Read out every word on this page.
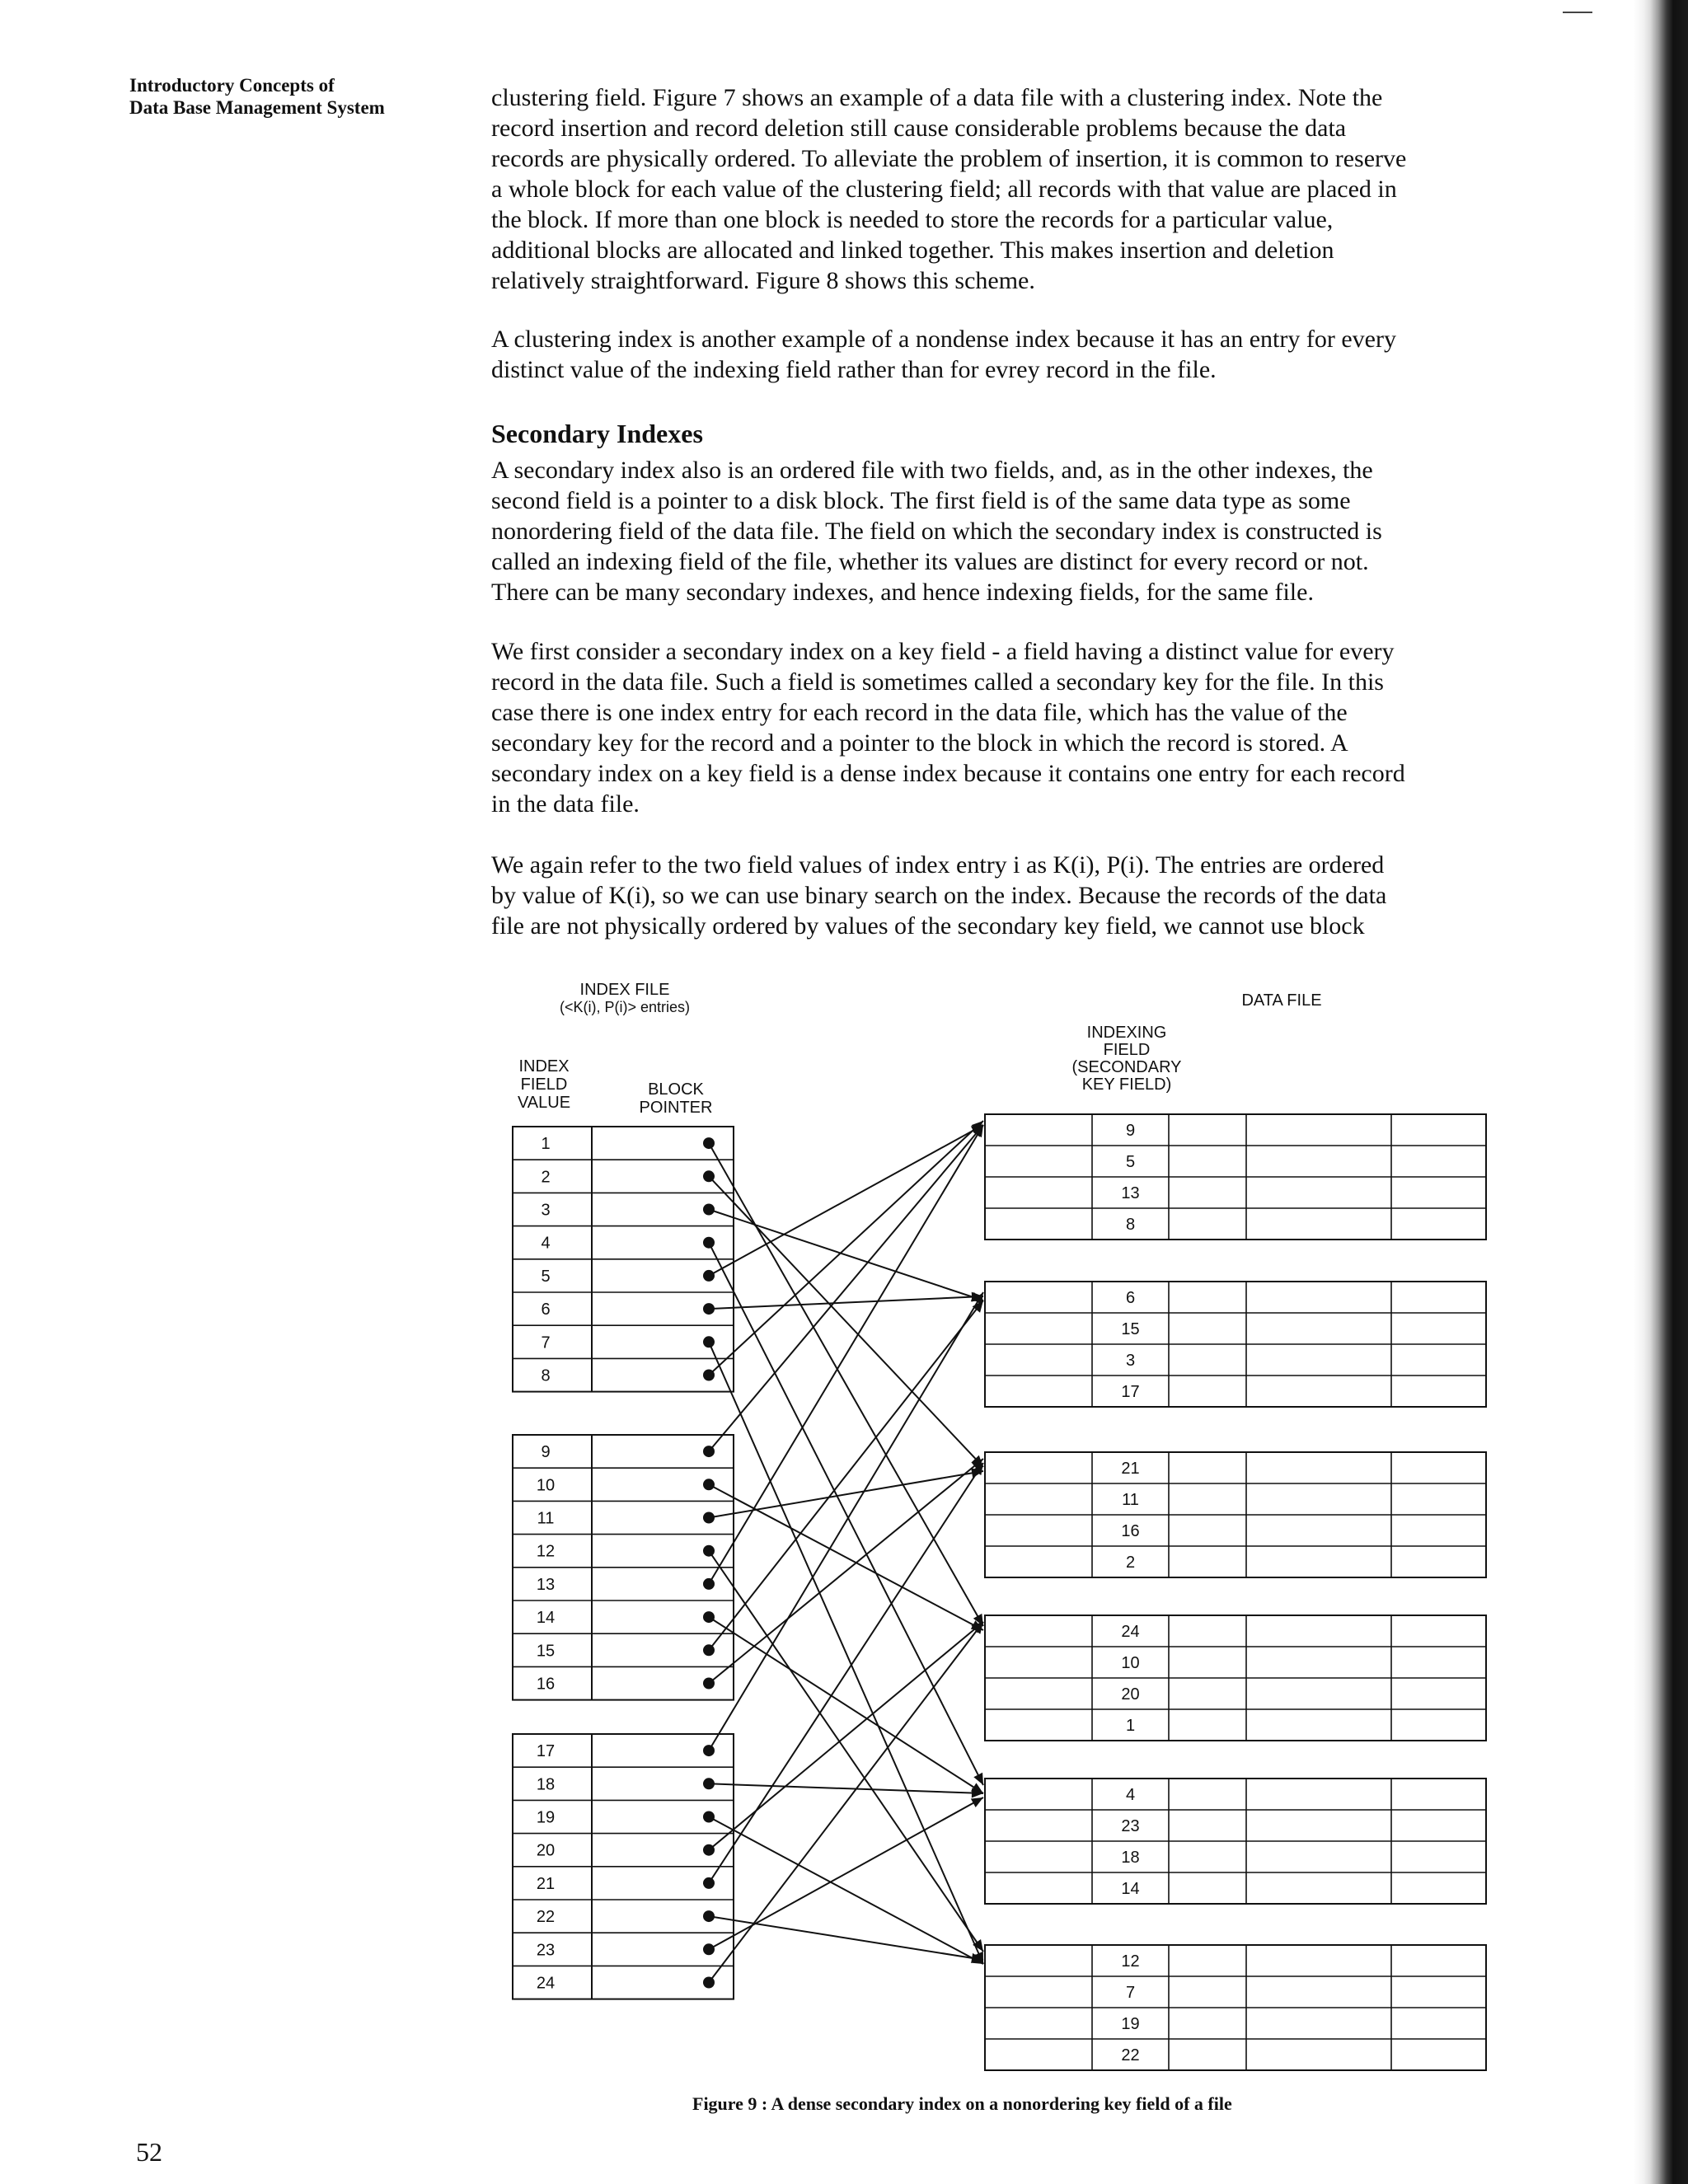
Introductory Concepts of
Data Base Management System	clustering field. Figure 7 shows an example of a data file with a clustering index. Note the

record insertion and record deletion still cause considerable problems because the data

records are physically ordered. To alleviate the problem of insertion, it is common to reserve

a whole block for each value of the clustering field; all records with that value are placed in

the block. If more than one block is needed to store the records for a particular value,

additional blocks are allocated and linked together. This makes insertion and deletion

relatively straightforward. Figure 8 shows this scheme.

A clustering index is another example of a nondense index because it has an entry for every

distinct value of the indexing field rather than for evrey record in the file.

Secondary Indexes

A secondary index also is an ordered file with two fields, and, as in the other indexes, the

second field is a pointer to a disk block. The first field is of the same data type as some

nonordering field of the data file. The field on which the secondary index is constructed is

called an indexing field of the file, whether its values are distinct for every record or not.

There can be many secondary indexes, and hence indexing fields, for the same file.

We first consider a secondary index on a key field - a field having a distinct value for every

record in the data file. Such a field is sometimes called a secondary key for the file. In this

case there is one index entry for each record in the data file, which has the value of the

secondary key for the record and a pointer to the block in which the record is stored. A

secondary index on a key field is a dense index because it contains one entry for each record

in the data file.

We again refer to the two field values of index entry i as K(i), P(i). The entries are ordered

by value of K(i), so we can use binary search on the index. Because the records of the data

file are not physically ordered by values of the secondary key field, we cannot use block

INDEX FILE
(<K(i), P(i)> entries)
INDEX
FIELD
VALUE
BLOCK
POINTER
DATA FILE
INDEXING
FIELD
(SECONDARY
KEY FIELD)
1
2
3
4
5
6
7
8
9
10
11
12
13
14
15
16
17
18
19
20
21
22
23
24
9
5
13
8
6
15
3
17
21
11
16
2
24
10
20
1
4
23
18
14
12
7
19
22
Figure 9 : A dense secondary index on a nonordering key field of a file
52
